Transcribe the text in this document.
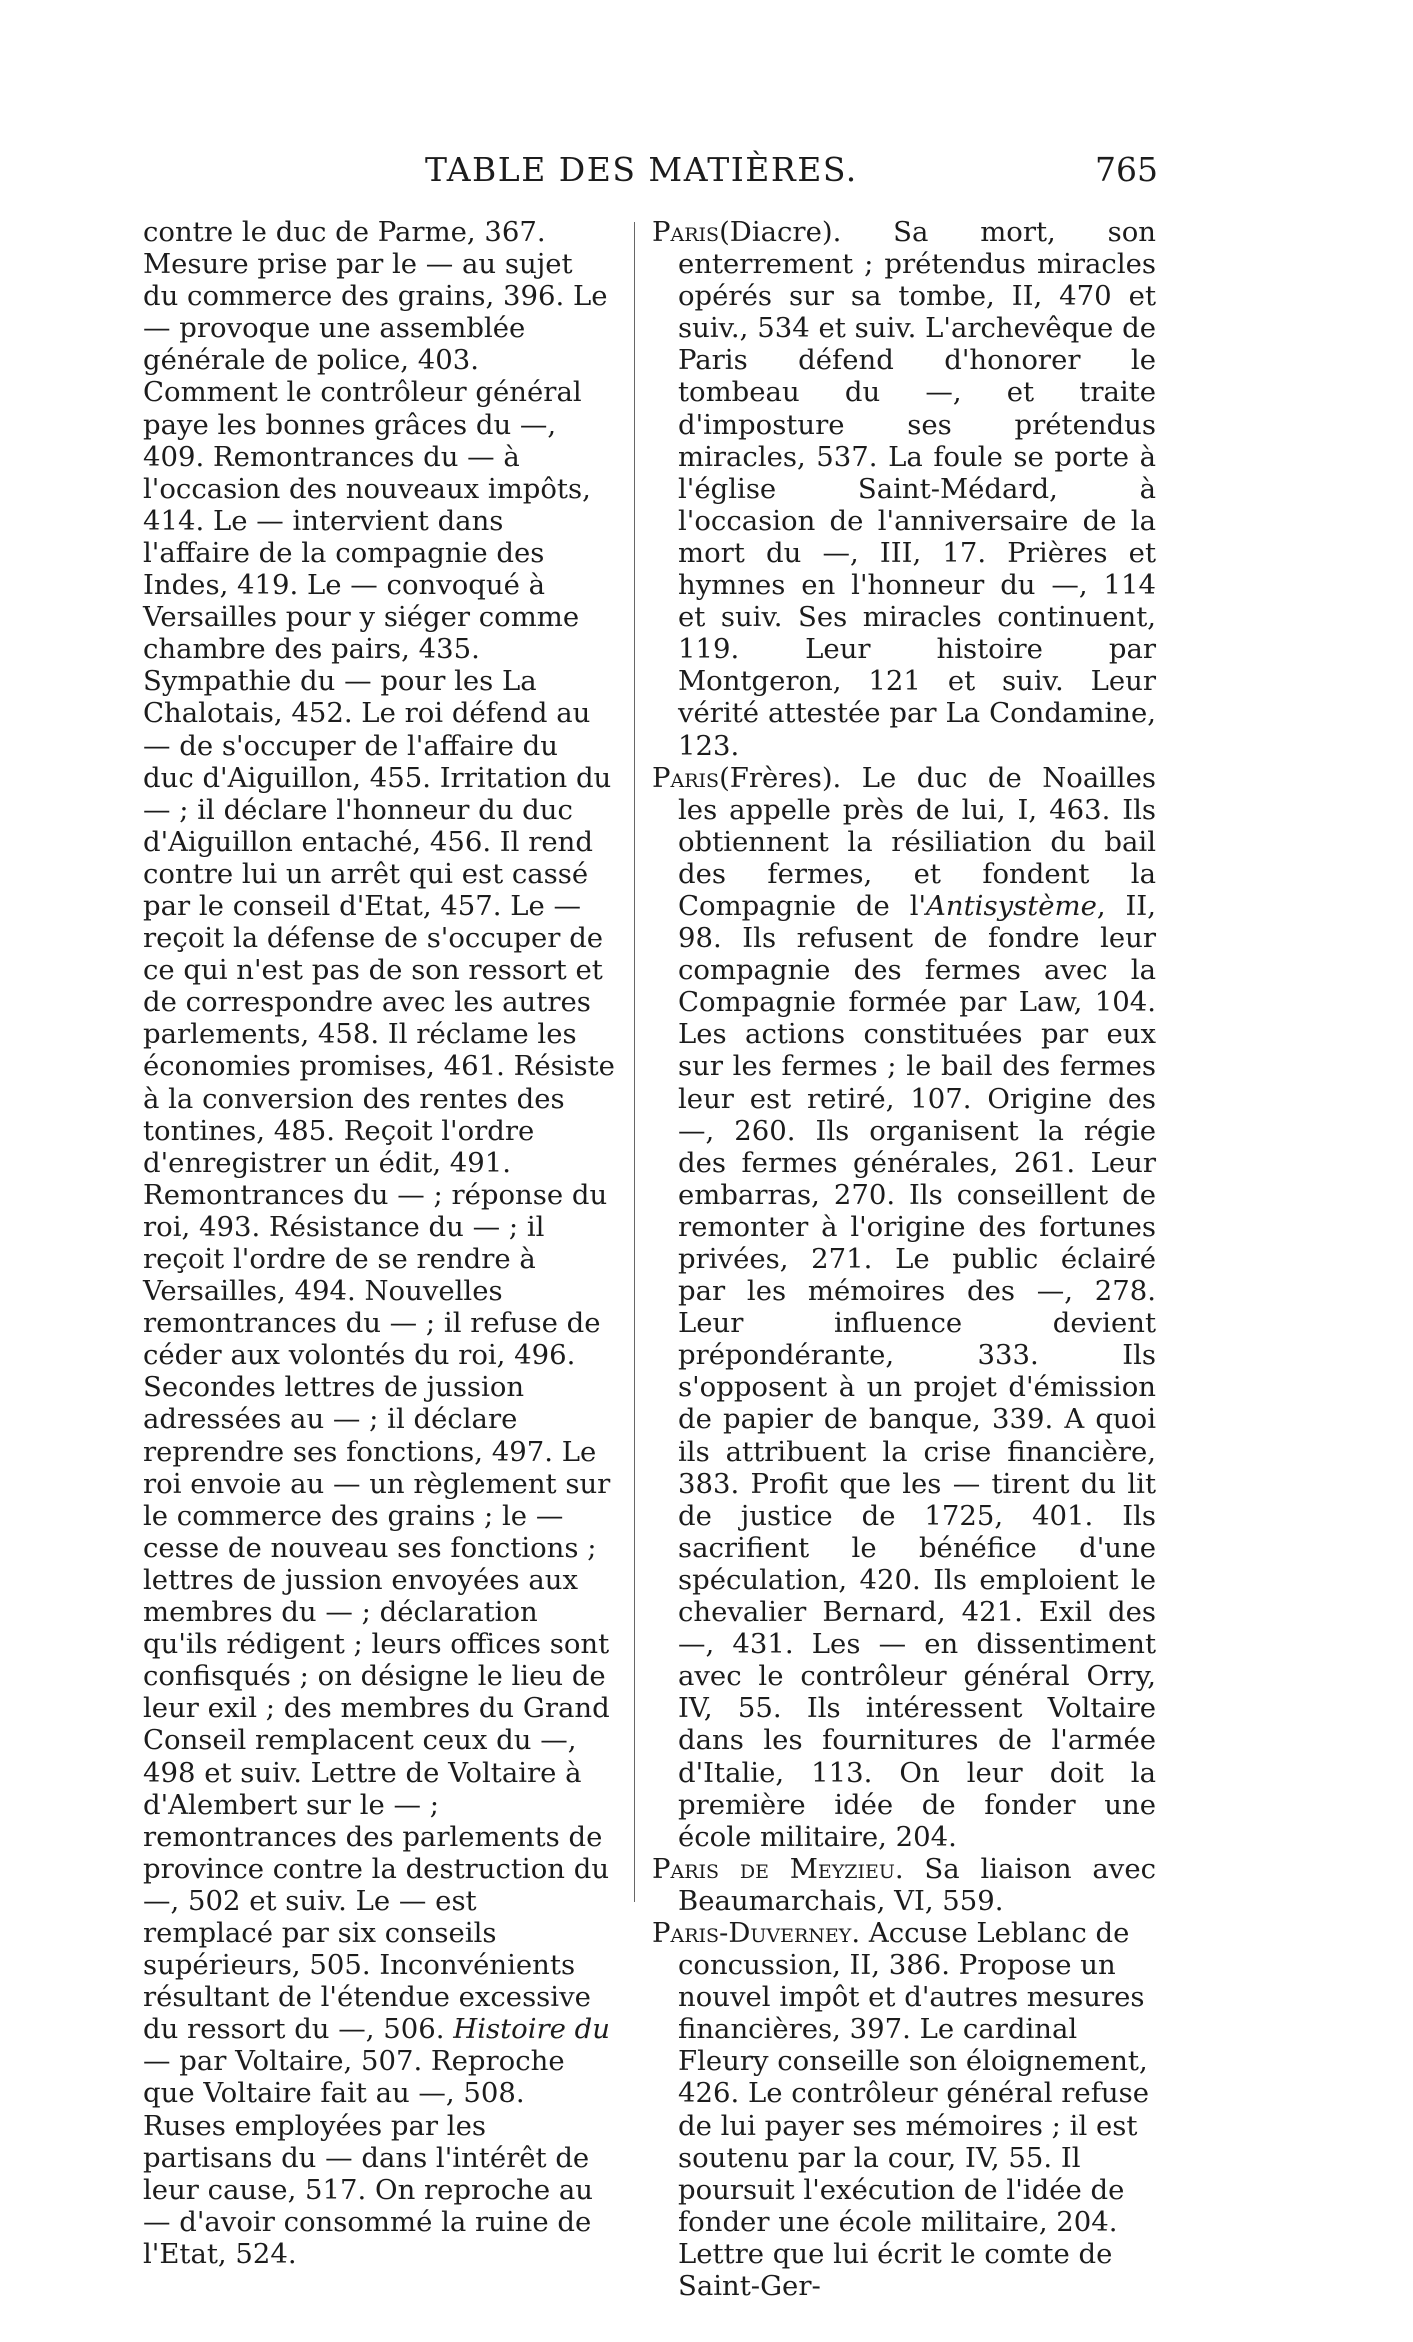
TABLE DES MATIÈRES.	765

contre le duc de Parme, 367. Mesure prise par le — au sujet du commerce des grains, 396. Le — provoque une assemblée générale de police, 403. Comment le contrôleur général paye les bonnes grâces du —, 409. Remontrances du — à l'occasion des nouveaux impôts, 414. Le — intervient dans l'affaire de la compagnie des Indes, 419. Le — convoqué à Versailles pour y siéger comme chambre des pairs, 435. Sympathie du — pour les La Chalotais, 452. Le roi défend au — de s'occuper de l'affaire du duc d'Aiguillon, 455. Irritation du — ; il déclare l'honneur du duc d'Aiguillon entaché, 456. Il rend contre lui un arrêt qui est cassé par le conseil d'Etat, 457. Le — reçoit la défense de s'occuper de ce qui n'est pas de son ressort et de correspondre avec les autres parlements, 458. Il réclame les économies promises, 461. Résiste à la conversion des rentes des tontines, 485. Reçoit l'ordre d'enregistrer un édit, 491. Remontrances du — ; réponse du roi, 493. Résistance du — ; il reçoit l'ordre de se rendre à Versailles, 494. Nouvelles remontrances du — ; il refuse de céder aux volontés du roi, 496. Secondes lettres de jussion adressées au — ; il déclare reprendre ses fonctions, 497. Le roi envoie au — un règlement sur le commerce des grains ; le — cesse de nouveau ses fonctions ; lettres de jussion envoyées aux membres du — ; déclaration qu'ils rédigent ; leurs offices sont confisqués ; on désigne le lieu de leur exil ; des membres du Grand Conseil remplacent ceux du —, 498 et suiv. Lettre de Voltaire à d'Alembert sur le — ; remontrances des parlements de province contre la destruction du —, 502 et suiv. Le — est remplacé par six conseils supérieurs, 505. Inconvénients résultant de l'étendue excessive du ressort du —, 506. Histoire du — par Voltaire, 507. Reproche que Voltaire fait au —, 508. Ruses employées par les partisans du — dans l'intérêt de leur cause, 517. On reproche au — d'avoir consommé la ruine de l'Etat, 524.

Paris(Diacre). Sa mort, son enterrement ; prétendus miracles opérés sur sa tombe, II, 470 et suiv., 534 et suiv. L'archevêque de Paris défend d'honorer le tombeau du —, et traite d'imposture ses prétendus miracles, 537. La foule se porte à l'église Saint-Médard, à l'occasion de l'anniversaire de la mort du —, III, 17. Prières et hymnes en l'honneur du —, 114 et suiv. Ses miracles continuent, 119. Leur histoire par Montgeron, 121 et suiv. Leur vérité attestée par La Condamine, 123.

Paris(Frères). Le duc de Noailles les appelle près de lui, I, 463. Ils obtiennent la résiliation du bail des fermes, et fondent la Compagnie de l'Antisystème, II, 98. Ils refusent de fondre leur compagnie des fermes avec la Compagnie formée par Law, 104. Les actions constituées par eux sur les fermes ; le bail des fermes leur est retiré, 107. Origine des —, 260. Ils organisent la régie des fermes générales, 261. Leur embarras, 270. Ils conseillent de remonter à l'origine des fortunes privées, 271. Le public éclairé par les mémoires des —, 278. Leur influence devient prépondérante, 333. Ils s'opposent à un projet d'émission de papier de banque, 339. A quoi ils attribuent la crise financière, 383. Profit que les — tirent du lit de justice de 1725, 401. Ils sacrifient le bénéfice d'une spéculation, 420. Ils emploient le chevalier Bernard, 421. Exil des —, 431. Les — en dissentiment avec le contrôleur général Orry, IV, 55. Ils intéressent Voltaire dans les fournitures de l'armée d'Italie, 113. On leur doit la première idée de fonder une école militaire, 204.

Paris de Meyzieu. Sa liaison avec Beaumarchais, VI, 559.

Paris-Duverney. Accuse Leblanc de concussion, II, 386. Propose un nouvel impôt et d'autres mesures financières, 397. Le cardinal Fleury conseille son éloignement, 426. Le contrôleur général refuse de lui payer ses mémoires ; il est soutenu par la cour, IV, 55. Il poursuit l'exécution de l'idée de fonder une école militaire, 204. Lettre que lui écrit le comte de Saint-Ger-
